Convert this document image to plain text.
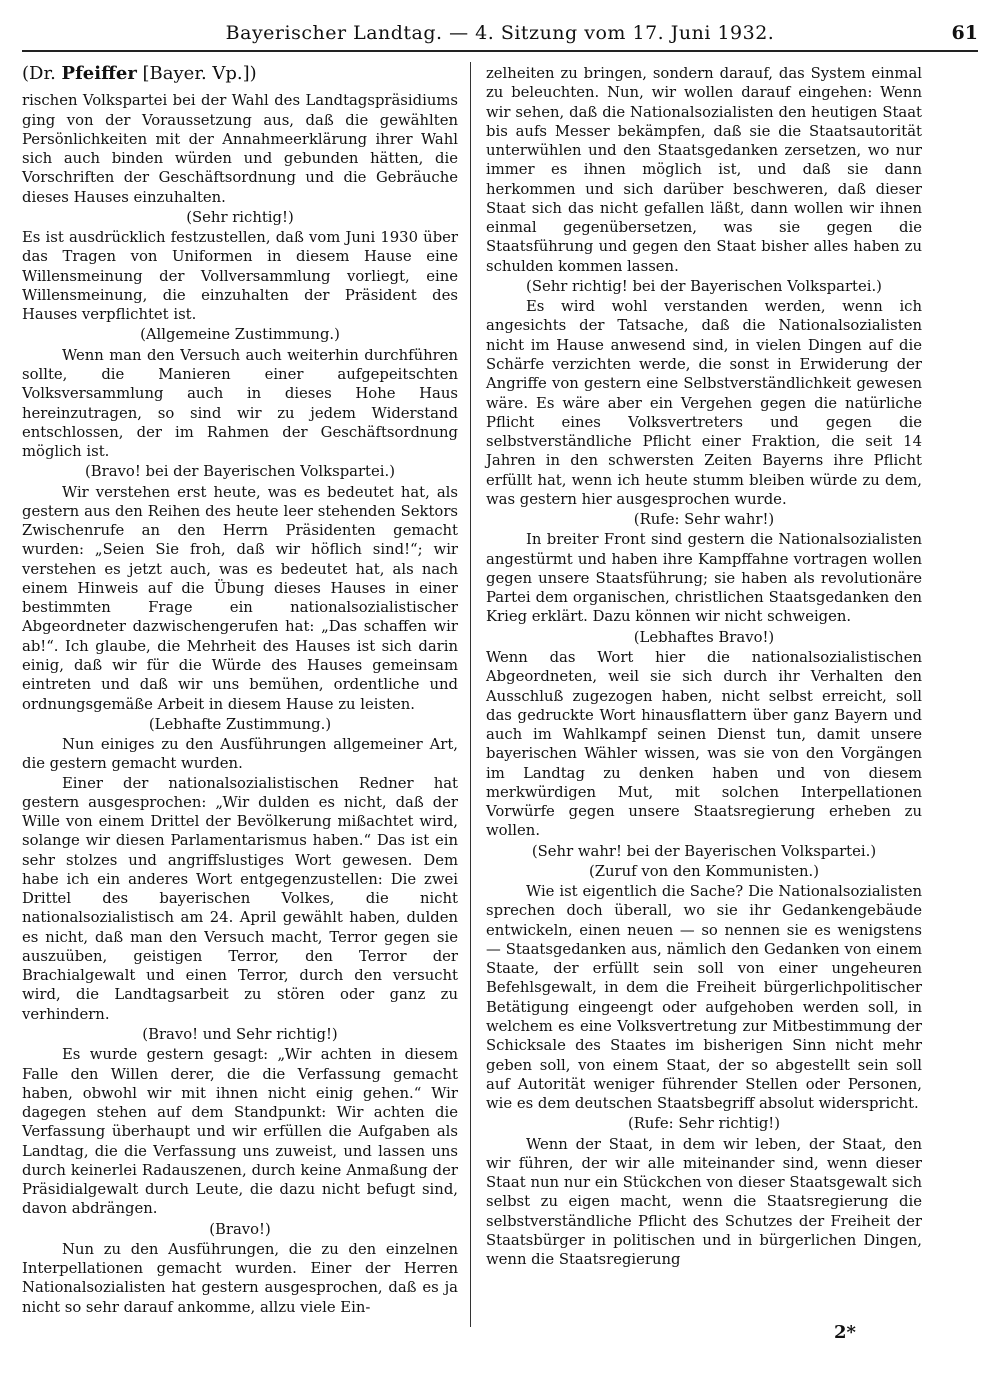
Bayerischer Landtag. — 4. Sitzung vom 17. Juni 1932.	61
(Dr. Pfeiffer [Bayer. Vp.])

rischen Volkspartei bei der Wahl des Landtagspräsidiums ging von der Voraussetzung aus, daß die gewählten Persönlichkeiten mit der Annahmeerklärung ihrer Wahl sich auch binden würden und gebunden hätten, die Vorschriften der Geschäftsordnung und die Gebräuche dieses Hauses einzuhalten.

(Sehr richtig!)

Es ist ausdrücklich festzustellen, daß vom Juni 1930 über das Tragen von Uniformen in diesem Hause eine Willensmeinung der Vollversammlung vorliegt, eine Willensmeinung, die einzuhalten der Präsident des Hauses verpflichtet ist.

(Allgemeine Zustimmung.)

Wenn man den Versuch auch weiterhin durchführen sollte, die Manieren einer aufgepeitschten Volksversammlung auch in dieses Hohe Haus hereinzutragen, so sind wir zu jedem Widerstand entschlossen, der im Rahmen der Geschäftsordnung möglich ist.

(Bravo! bei der Bayerischen Volkspartei.)

Wir verstehen erst heute, was es bedeutet hat, als gestern aus den Reihen des heute leer stehenden Sektors Zwischenrufe an den Herrn Präsidenten gemacht wurden: „Seien Sie froh, daß wir höflich sind!“; wir verstehen es jetzt auch, was es bedeutet hat, als nach einem Hinweis auf die Übung dieses Hauses in einer bestimmten Frage ein nationalsozialistischer Abgeordneter dazwischengerufen hat: „Das schaffen wir ab!“. Ich glaube, die Mehrheit des Hauses ist sich darin einig, daß wir für die Würde des Hauses gemeinsam eintreten und daß wir uns bemühen, ordentliche und ordnungsgemäße Arbeit in diesem Hause zu leisten.

(Lebhafte Zustimmung.)

Nun einiges zu den Ausführungen allgemeiner Art, die gestern gemacht wurden.

Einer der nationalsozialistischen Redner hat gestern ausgesprochen: „Wir dulden es nicht, daß der Wille von einem Drittel der Bevölkerung mißachtet wird, solange wir diesen Parlamentarismus haben.“ Das ist ein sehr stolzes und angriffslustiges Wort gewesen. Dem habe ich ein anderes Wort entgegenzustellen: Die zwei Drittel des bayerischen Volkes, die nicht nationalsozialistisch am 24. April gewählt haben, dulden es nicht, daß man den Versuch macht, Terror gegen sie auszuüben, geistigen Terror, den Terror der Brachialgewalt und einen Terror, durch den versucht wird, die Landtagsarbeit zu stören oder ganz zu verhindern.

(Bravo! und Sehr richtig!)

Es wurde gestern gesagt: „Wir achten in diesem Falle den Willen derer, die die Verfassung gemacht haben, obwohl wir mit ihnen nicht einig gehen.“ Wir dagegen stehen auf dem Standpunkt: Wir achten die Verfassung überhaupt und wir erfüllen die Aufgaben als Landtag, die die Verfassung uns zuweist, und lassen uns durch keinerlei Radauszenen, durch keine Anmaßung der Präsidialgewalt durch Leute, die dazu nicht befugt sind, davon abdrängen.

(Bravo!)

Nun zu den Ausführungen, die zu den einzelnen Interpellationen gemacht wurden. Einer der Herren Nationalsozialisten hat gestern ausgesprochen, daß es ja nicht so sehr darauf ankomme, allzu viele Ein-

zelheiten zu bringen, sondern darauf, das System einmal zu beleuchten. Nun, wir wollen darauf eingehen: Wenn wir sehen, daß die Nationalsozialisten den heutigen Staat bis aufs Messer bekämpfen, daß sie die Staatsautorität unterwühlen und den Staatsgedanken zersetzen, wo nur immer es ihnen möglich ist, und daß sie dann herkommen und sich darüber beschweren, daß dieser Staat sich das nicht gefallen läßt, dann wollen wir ihnen einmal gegenübersetzen, was sie gegen die Staatsführung und gegen den Staat bisher alles haben zu schulden kommen lassen.

(Sehr richtig! bei der Bayerischen Volkspartei.)

Es wird wohl verstanden werden, wenn ich angesichts der Tatsache, daß die Nationalsozialisten nicht im Hause anwesend sind, in vielen Dingen auf die Schärfe verzichten werde, die sonst in Erwiderung der Angriffe von gestern eine Selbstverständlichkeit gewesen wäre. Es wäre aber ein Vergehen gegen die natürliche Pflicht eines Volksvertreters und gegen die selbstverständliche Pflicht einer Fraktion, die seit 14 Jahren in den schwersten Zeiten Bayerns ihre Pflicht erfüllt hat, wenn ich heute stumm bleiben würde zu dem, was gestern hier ausgesprochen wurde.

(Rufe: Sehr wahr!)

In breiter Front sind gestern die Nationalsozialisten angestürmt und haben ihre Kampffahne vortragen wollen gegen unsere Staatsführung; sie haben als revolutionäre Partei dem organischen, christlichen Staatsgedanken den Krieg erklärt. Dazu können wir nicht schweigen.

(Lebhaftes Bravo!)

Wenn das Wort hier die nationalsozialistischen Abgeordneten, weil sie sich durch ihr Verhalten den Ausschluß zugezogen haben, nicht selbst erreicht, soll das gedruckte Wort hinausflattern über ganz Bayern und auch im Wahlkampf seinen Dienst tun, damit unsere bayerischen Wähler wissen, was sie von den Vorgängen im Landtag zu denken haben und von diesem merkwürdigen Mut, mit solchen Interpellationen Vorwürfe gegen unsere Staatsregierung erheben zu wollen.

(Sehr wahr! bei der Bayerischen Volkspartei.)

(Zuruf von den Kommunisten.)

Wie ist eigentlich die Sache? Die Nationalsozialisten sprechen doch überall, wo sie ihr Gedankengebäude entwickeln, einen neuen — so nennen sie es wenigstens — Staatsgedanken aus, nämlich den Gedanken von einem Staate, der erfüllt sein soll von einer ungeheuren Befehlsgewalt, in dem die Freiheit bürgerlichpolitischer Betätigung eingeengt oder aufgehoben werden soll, in welchem es eine Volksvertretung zur Mitbestimmung der Schicksale des Staates im bisherigen Sinn nicht mehr geben soll, von einem Staat, der so abgestellt sein soll auf Autorität weniger führender Stellen oder Personen, wie es dem deutschen Staatsbegriff absolut widerspricht.

(Rufe: Sehr richtig!)

Wenn der Staat, in dem wir leben, der Staat, den wir führen, der wir alle miteinander sind, wenn dieser Staat nun nur ein Stückchen von dieser Staatsgewalt sich selbst zu eigen macht, wenn die Staatsregierung die selbstverständliche Pflicht des Schutzes der Freiheit der Staatsbürger in politischen und in bürgerlichen Dingen, wenn die Staatsregierung

2*
